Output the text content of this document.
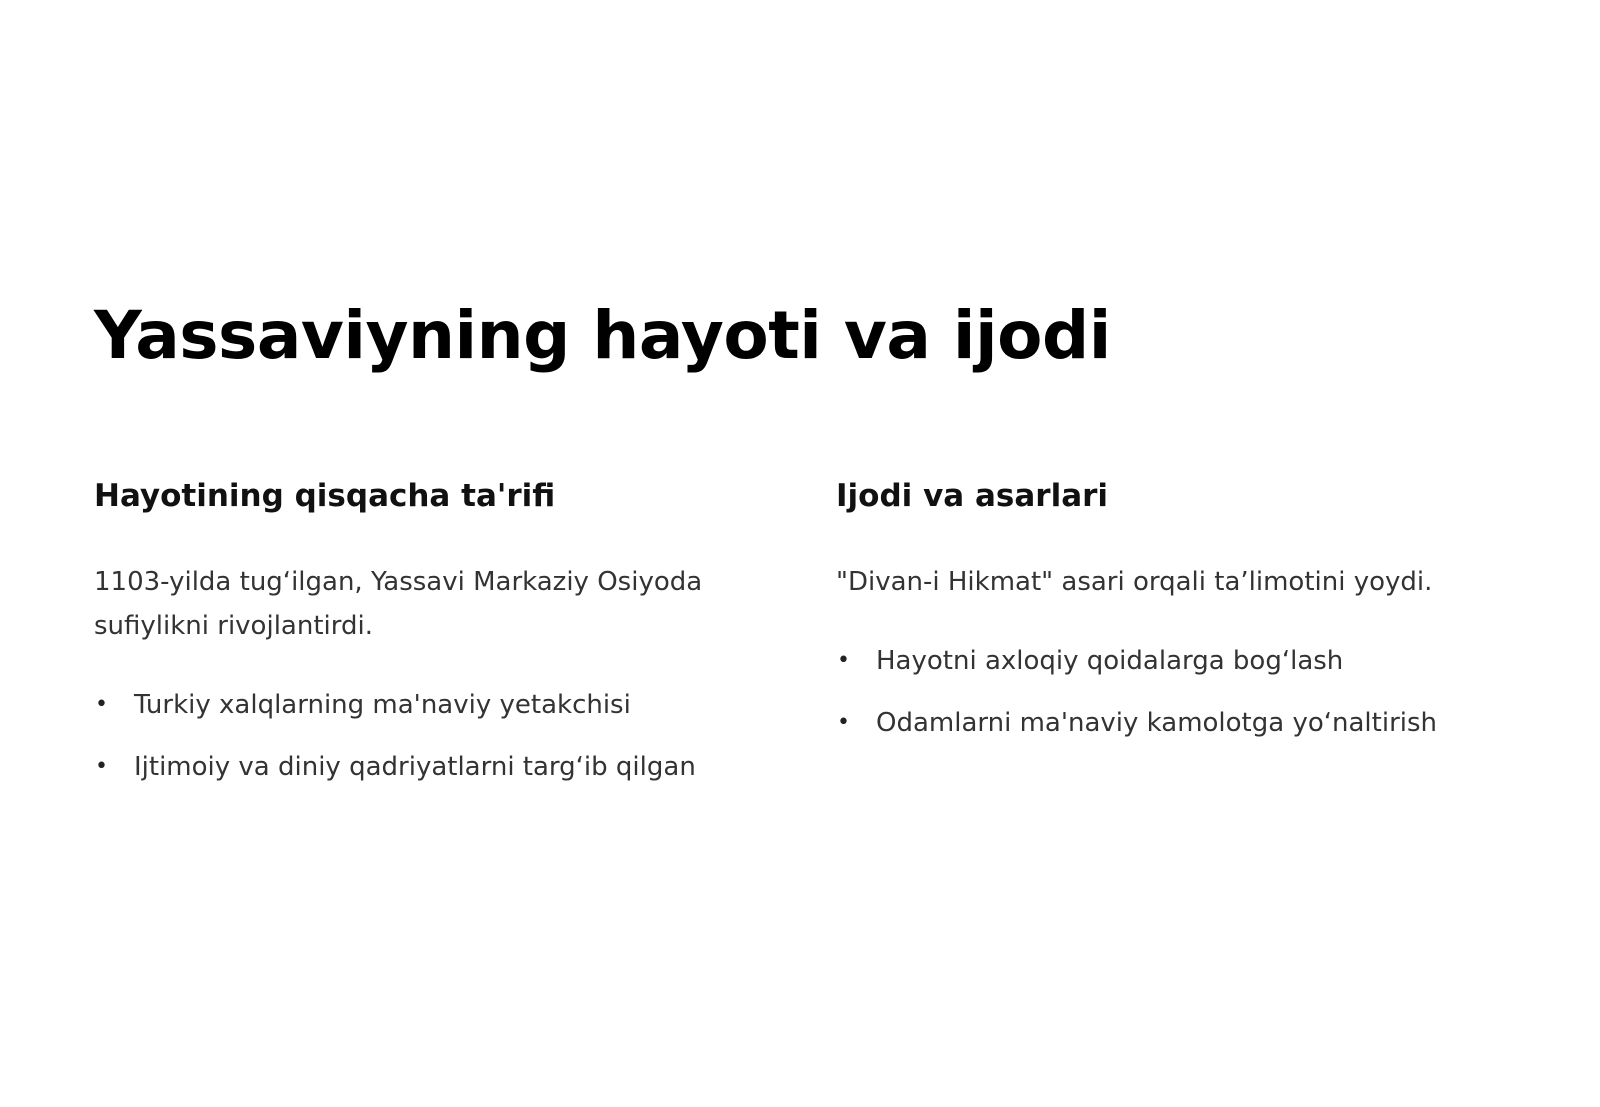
Yassaviyning hayoti va ijodi
Hayotining qisqacha ta'rifi

1103-yilda tug‘ilgan, Yassavi Markaziy Osiyoda sufiylikni rivojlantirdi.

• Turkiy xalqlarning ma'naviy yetakchisi
• Ijtimoiy va diniy qadriyatlarni targ‘ib qilgan
Ijodi va asarlari

"Divan-i Hikmat" asari orqali ta’limotini yoydi.

• Hayotni axloqiy qoidalarga bog‘lash
• Odamlarni ma'naviy kamolotga yo‘naltirish
